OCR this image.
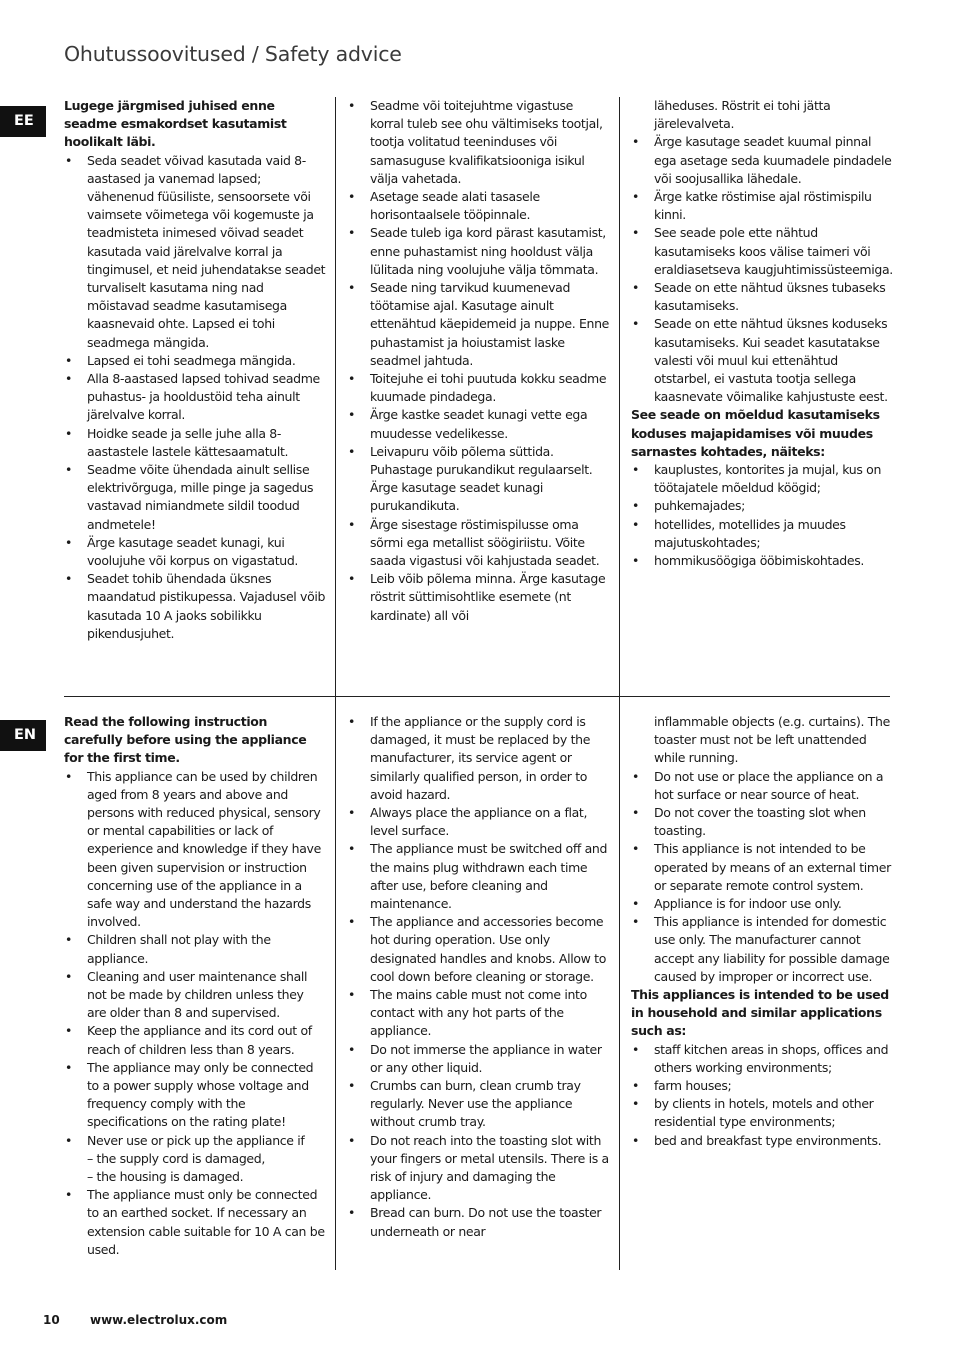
Ohutussoovitused / Safety advice
EE
EN

Lugege järgmised juhised enne seadme esmakordset kasutamist hoolikalt läbi.

• Seda seadet võivad kasutada vaid 8-aastased ja vanemad lapsed; vähenenud füüsiliste, sensoorsete või vaimsete võimetega või kogemuste ja teadmisteta inimesed võivad seadet kasutada vaid järelvalve korral ja tingimusel, et neid juhendatakse seadet turvaliselt kasutama ning nad mõistavad seadme kasutamisega kaasnevaid ohte. Lapsed ei tohi seadmega mängida.
• Lapsed ei tohi seadmega mängida.
• Alla 8-aastased lapsed tohivad seadme puhastus- ja hooldustöid teha ainult järelvalve korral.
• Hoidke seade ja selle juhe alla 8-aastastele lastele kättesaamatult.
• Seadme võite ühendada ainult sellise elektrivõrguga, mille pinge ja sagedus vastavad nimiandmete sildil toodud andmetele!
• Ärge kasutage seadet kunagi, kui voolujuhe või korpus on vigastatud.
• Seadet tohib ühendada üksnes maandatud pistikupessa. Vajadusel võib kasutada 10 A jaoks sobilikku pikendusjuhet.
• Seadme või toitejuhtme vigastuse korral tuleb see ohu vältimiseks tootjal, tootja volitatud teeninduses või samasuguse kvalifikatsiooniga isikul välja vahetada.
• Asetage seade alati tasasele horisontaalsele tööpinnale.
• Seade tuleb iga kord pärast kasutamist, enne puhastamist ning hooldust välja lülitada ning voolujuhe välja tõmmata.
• Seade ning tarvikud kuumenevad töötamise ajal. Kasutage ainult ettenähtud käepidemeid ja nuppe. Enne puhastamist ja hoiustamist laske seadmel jahtuda.
• Toitejuhe ei tohi puutuda kokku seadme kuumade pindadega.
• Ärge kastke seadet kunagi vette ega muudesse vedelikesse.
• Leivapuru võib põlema süttida. Puhastage purukandikut regulaarselt. Ärge kasutage seadet kunagi purukandikuta.
• Ärge sisestage röstimispilusse oma sõrmi ega metallist söögiriistu. Võite saada vigastusi või kahjustada seadet.
• Leib võib põlema minna. Ärge kasutage röstrit süttimisohtlike esemete (nt kardinate) all või
läheduses. Röstrit ei tohi jätta järelevalveta.
• Ärge kasutage seadet kuumal pinnal ega asetage seda kuumadele pindadele või soojusallika lähedale.
• Ärge katke röstimise ajal röstimispilu kinni.
• See seade pole ette nähtud kasutamiseks koos välise taimeri või eraldiasetseva kaugjuhtimissüsteemiga.
• Seade on ette nähtud üksnes tubaseks kasutamiseks.
• Seade on ette nähtud üksnes koduseks kasutamiseks. Kui seadet kasutatakse valesti või muul kui ettenähtud otstarbel, ei vastuta tootja sellega kaasnevate võimalike kahjustuste eest.

See seade on mõeldud kasutamiseks koduses majapidamises või muudes sarnastes kohtades, näiteks:

• kauplustes, kontorites ja mujal, kus on töötajatele mõeldud köögid;
• puhkemajades;
• hotellides, motellides ja muudes majutuskohtades;
• hommikusöögiga ööbimiskohtades.

Read the following instruction carefully before using the appliance for the first time.

• This appliance can be used by children aged from 8 years and above and persons with reduced physical, sensory or mental capabilities or lack of experience and knowledge if they have been given supervision or instruction concerning use of the appliance in a safe way and understand the hazards involved.
• Children shall not play with the appliance.
• Cleaning and user maintenance shall not be made by children unless they are older than 8 and supervised.
• Keep the appliance and its cord out of reach of children less than 8 years.
• The appliance may only be connected to a power supply whose voltage and frequency comply with the specifications on the rating plate!
• Never use or pick up the appliance if
– the supply cord is damaged,
– the housing is damaged.
• The appliance must only be connected to an earthed socket. If necessary an extension cable suitable for 10 A can be used.
• If the appliance or the supply cord is damaged, it must be replaced by the manufacturer, its service agent or similarly qualified person, in order to avoid hazard.
• Always place the appliance on a flat, level surface.
• The appliance must be switched off and the mains plug withdrawn each time after use, before cleaning and maintenance.
• The appliance and accessories become hot during operation. Use only designated handles and knobs. Allow to cool down before cleaning or storage.
• The mains cable must not come into contact with any hot parts of the appliance.
• Do not immerse the appliance in water or any other liquid.
• Crumbs can burn, clean crumb tray regularly. Never use the appliance without crumb tray.
• Do not reach into the toasting slot with your fingers or metal utensils. There is a risk of injury and damaging the appliance.
• Bread can burn. Do not use the toaster underneath or near
inflammable objects (e.g. curtains). The toaster must not be left unattended while running.
• Do not use or place the appliance on a hot surface or near source of heat.
• Do not cover the toasting slot when toasting.
• This appliance is not intended to be operated by means of an external timer or separate remote control system.
• Appliance is for indoor use only.
• This appliance is intended for domestic use only. The manufacturer cannot accept any liability for possible damage caused by improper or incorrect use.

This appliances is intended to be used in household and similar applications such as:

• staff kitchen areas in shops, offices and others working environments;
• farm houses;
• by clients in hotels, motels and other residential type environments;
• bed and breakfast type environments.
10	www.electrolux.com
